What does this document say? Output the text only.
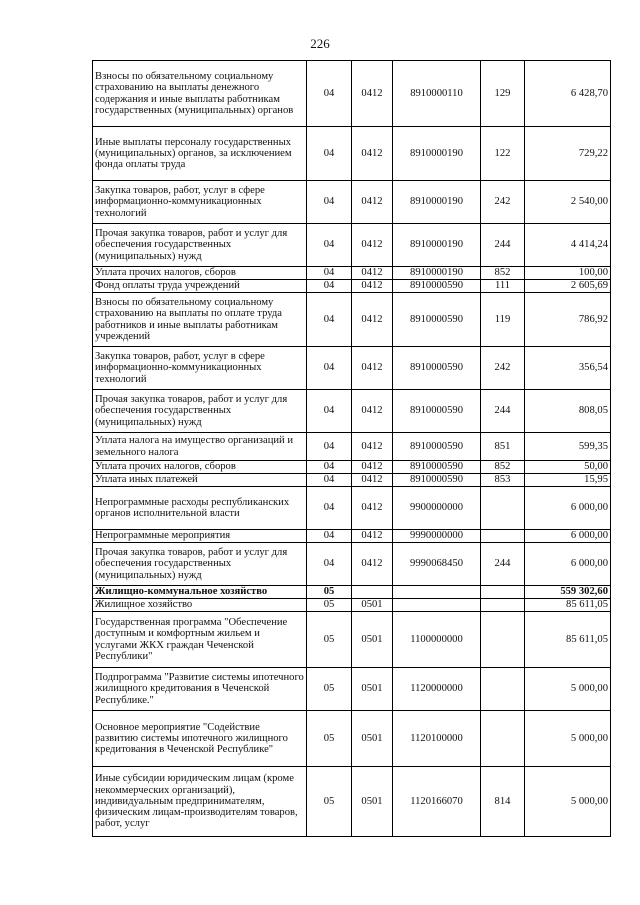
226
Взносы по обязательному социальному страхованию на выплаты денежного содержания и иные выплаты работникам государственных (муниципальных) органов	04	0412	8910000110	129	6 428,70
Иные выплаты персоналу государственных (муниципальных) органов, за исключением фонда оплаты труда	04	0412	8910000190	122	729,22
Закупка товаров, работ, услуг в сфере информационно-коммуникационных технологий	04	0412	8910000190	242	2 540,00
Прочая закупка товаров, работ и услуг для обеспечения государственных (муниципальных) нужд	04	0412	8910000190	244	4 414,24
Уплата прочих налогов, сборов	04	0412	8910000190	852	100,00
Фонд оплаты труда учреждений	04	0412	8910000590	111	2 605,69
Взносы по обязательному социальному страхованию на выплаты по оплате труда работников и иные выплаты работникам учреждений	04	0412	8910000590	119	786,92
Закупка товаров, работ, услуг в сфере информационно-коммуникационных технологий	04	0412	8910000590	242	356,54
Прочая закупка товаров, работ и услуг для обеспечения государственных (муниципальных) нужд	04	0412	8910000590	244	808,05
Уплата налога на имущество организаций и земельного налога	04	0412	8910000590	851	599,35
Уплата прочих налогов, сборов	04	0412	8910000590	852	50,00
Уплата иных платежей	04	0412	8910000590	853	15,95
Непрограммные расходы республиканских органов исполнительной власти	04	0412	9900000000		6 000,00
Непрограммные мероприятия	04	0412	9990000000		6 000,00
Прочая закупка товаров, работ и услуг для обеспечения государственных (муниципальных) нужд	04	0412	9990068450	244	6 000,00
Жилищно-коммунальное хозяйство	05				559 302,60
Жилищное хозяйство	05	0501			85 611,05
Государственная программа "Обеспечение доступным и комфортным жильем и услугами ЖКХ граждан Чеченской Республики"	05	0501	1100000000		85 611,05
Подпрограмма "Развитие системы ипотечного жилищного кредитования в Чеченской Республике."	05	0501	1120000000		5 000,00
Основное мероприятие "Содействие развитию системы ипотечного жилищного кредитования в Чеченской Республике"	05	0501	1120100000		5 000,00
Иные субсидии юридическим лицам (кроме некоммерческих организаций), индивидуальным предпринимателям, физическим лицам-производителям товаров, работ, услуг	05	0501	1120166070	814	5 000,00
